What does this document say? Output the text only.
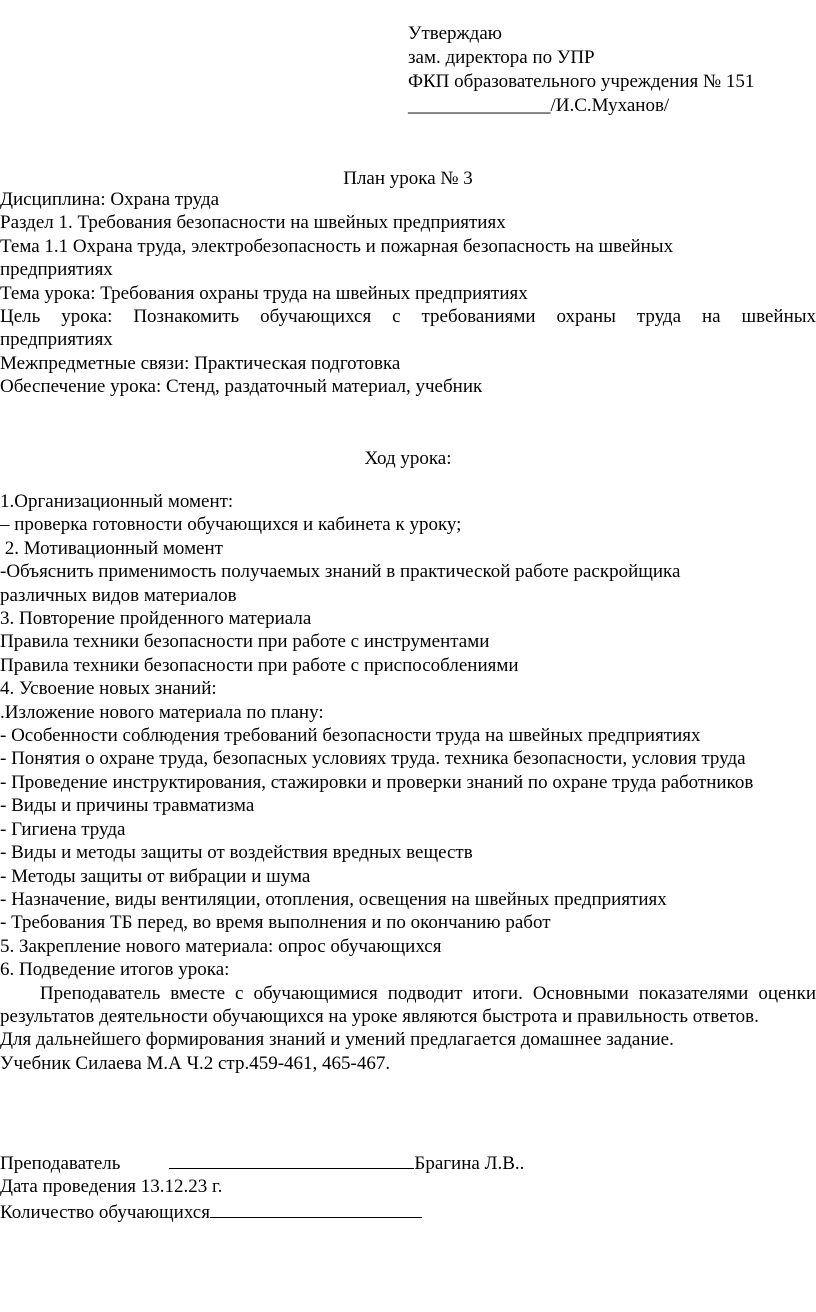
Утверждаю
зам. директора по УПР
ФКП образовательного учреждения № 151
_______________/И.С.Муханов/
План урока № 3
Дисциплина: Охрана труда
Раздел 1. Требования безопасности на швейных предприятиях
Тема 1.1 Охрана труда, электробезопасность и пожарная безопасность на швейных
предприятиях
Тема урока: Требования охраны труда на швейных предприятиях
Цель урока: Познакомить обучающихся с требованиями охраны труда на швейных
предприятиях
Межпредметные связи: Практическая подготовка
Обеспечение урока: Стенд, раздаточный материал, учебник
Ход урока:
1.Организационный момент:
– проверка готовности обучающихся и кабинета к уроку;
2. Мотивационный момент
-Объяснить применимость получаемых знаний в практической работе раскройщика
различных видов материалов
3. Повторение пройденного материала
Правила техники безопасности при работе с инструментами
Правила техники безопасности при работе с приспособлениями
4. Усвоение новых знаний:
.Изложение нового материала по плану:
- Особенности соблюдения требований безопасности труда на швейных предприятиях
- Понятия о охране труда, безопасных условиях труда. техника безопасности, условия труда
- Проведение инструктирования, стажировки и проверки знаний по охране труда работников
- Виды и причины травматизма
- Гигиена труда
- Виды и методы защиты от воздействия вредных веществ
- Методы защиты от вибрации и шума
- Назначение, виды вентиляции, отопления, освещения на швейных предприятиях
- Требования ТБ перед, во время выполнения и по окончанию работ
5. Закрепление нового материала: опрос обучающихся
6. Подведение итогов урока:
Преподаватель вместе с обучающимися подводит итоги. Основными показателями оценки
результатов деятельности обучающихся на уроке являются быстрота и правильность ответов.
Для дальнейшего формирования знаний и умений предлагается домашнее задание.
Учебник Силаева М.А Ч.2 стр.459-461, 465-467.
Преподаватель	Брагина Л.В..
Дата проведения 13.12.23 г.
Количество обучающихся
